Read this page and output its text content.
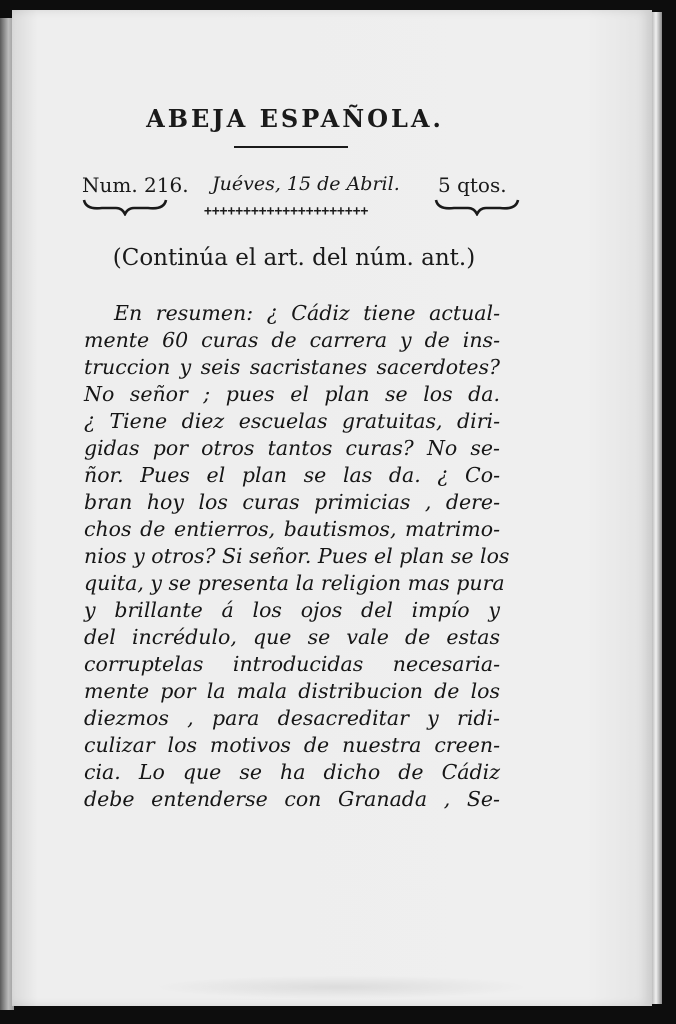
ABEJA ESPAÑOLA.
Num. 216. Juéves, 15 de Abril. 5 qtos.
+++++++++++++++++++++
(Continúa el art. del núm. ant.)
En resumen: ¿ Cádiz tiene actual-
mente 60 curas de carrera y de ins-
truccion y seis sacristanes sacerdotes?
No señor ; pues el plan se los da.
¿ Tiene diez escuelas gratuitas, diri-
gidas por otros tantos curas? No se-
ñor. Pues el plan se las da. ¿ Co-
bran hoy los curas primicias , dere-
chos de entierros, bautismos, matrimo-
nios y otros? Si señor. Pues el plan se los
quita, y se presenta la religion mas pura
y brillante á los ojos del impío y
del incrédulo, que se vale de estas
corruptelas introducidas necesaria-
mente por la mala distribucion de los
diezmos , para desacreditar y ridi-
culizar los motivos de nuestra creen-
cia. Lo que se ha dicho de Cádiz
debe entenderse con Granada , Se-
